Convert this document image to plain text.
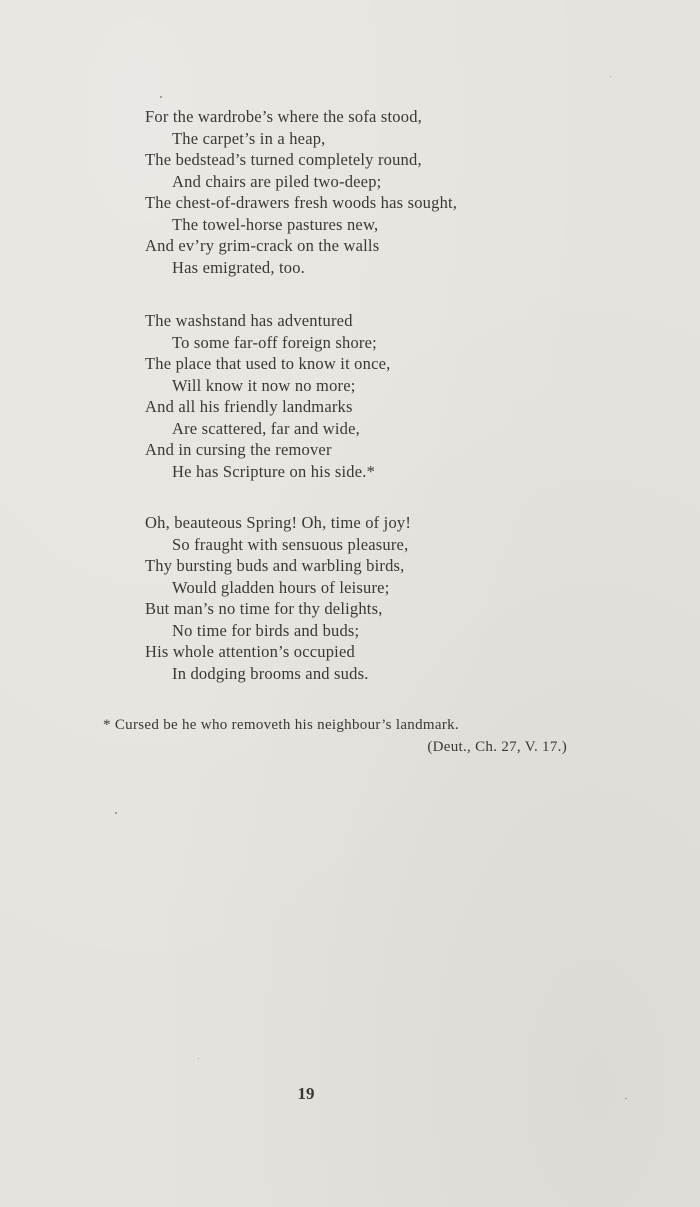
For the wardrobe’s where the sofa stood,
The carpet’s in a heap,
The bedstead’s turned completely round,
And chairs are piled two-deep;
The chest-of-drawers fresh woods has sought,
The towel-horse pastures new,
And ev’ry grim-crack on the walls
Has emigrated, too.
The washstand has adventured
To some far-off foreign shore;
The place that used to know it once,
Will know it now no more;
And all his friendly landmarks
Are scattered, far and wide,
And in cursing the remover
He has Scripture on his side.*
Oh, beauteous Spring! Oh, time of joy!
So fraught with sensuous pleasure,
Thy bursting buds and warbling birds,
Would gladden hours of leisure;
But man’s no time for thy delights,
No time for birds and buds;
His whole attention’s occupied
In dodging brooms and suds.
* Cursed be he who removeth his neighbour’s landmark.
(Deut., Ch. 27, V. 17.)
19
